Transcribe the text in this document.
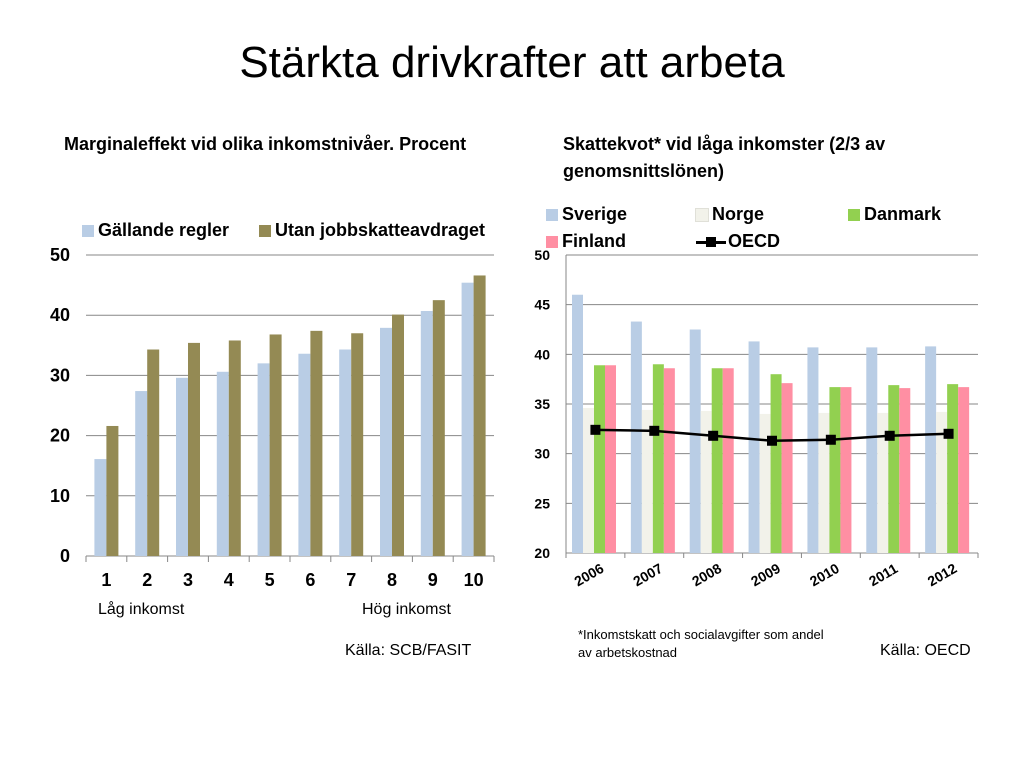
Stärkta drivkrafter att arbeta
Marginaleffekt vid olika inkomstnivåer. Procent	Skattekvot* vid låga inkomster (2/3 av genomsnittslönen)
Gällande regler	Utan jobbskatteavdraget
Sverige	Norge	Danmark
Finland	OECD
0
10
20
30
40
50
1 2 3 4 5 6 7 8 9 10
20
25
30
35
40
45
50
2006 2007 2008 2009 2010 2011 2012
Låg inkomst	Hög inkomst
Källa: SCB/FASIT
*Inkomstskatt och socialavgifter som andel av arbetskostnad	Källa: OECD
